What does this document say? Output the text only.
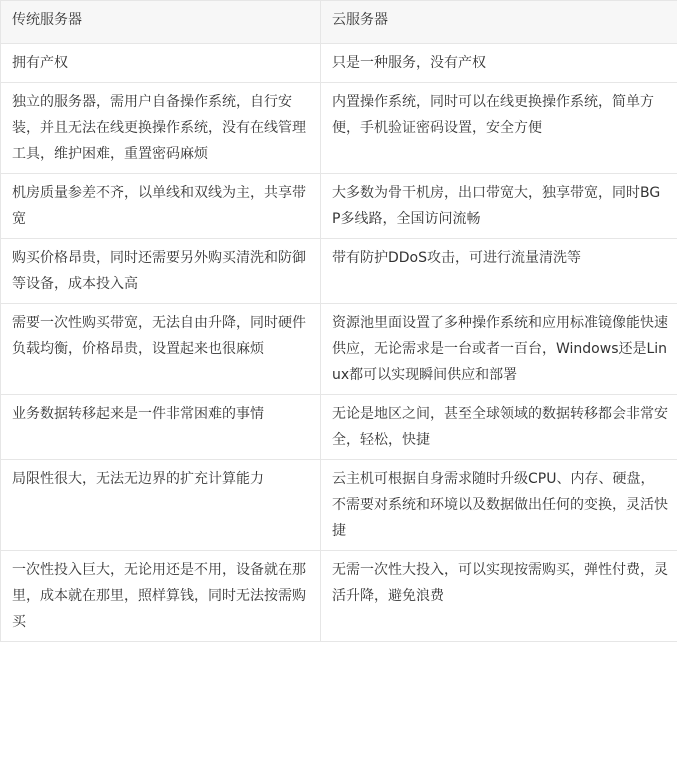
传统服务器	云服务器
拥有产权	只是一种服务，没有产权
独立的服务器，需用户自备操作系统，自行安装，并且无法在线更换操作系统，没有在线管理工具，维护困难，重置密码麻烦	内置操作系统，同时可以在线更换操作系统，简单方便，手机验证密码设置，安全方便
机房质量参差不齐，以单线和双线为主，共享带宽	大多数为骨干机房，出口带宽大，独享带宽，同时BGP多线路，全国访问流畅
购买价格昂贵，同时还需要另外购买清洗和防御等设备，成本投入高	带有防护DDoS攻击，可进行流量清洗等
需要一次性购买带宽，无法自由升降，同时硬件负载均衡，价格昂贵，设置起来也很麻烦	资源池里面设置了多种操作系统和应用标准镜像能快速供应，无论需求是一台或者一百台，Windows还是Linux都可以实现瞬间供应和部署
业务数据转移起来是一件非常困难的事情	无论是地区之间，甚至全球领域的数据转移都会非常安全，轻松，快捷
局限性很大，无法无边界的扩充计算能力	云主机可根据自身需求随时升级CPU、内存、硬盘，不需要对系统和环境以及数据做出任何的变换，灵活快捷
一次性投入巨大，无论用还是不用，设备就在那里，成本就在那里，照样算钱，同时无法按需购买	无需一次性大投入，可以实现按需购买，弹性付费，灵活升降，避免浪费
